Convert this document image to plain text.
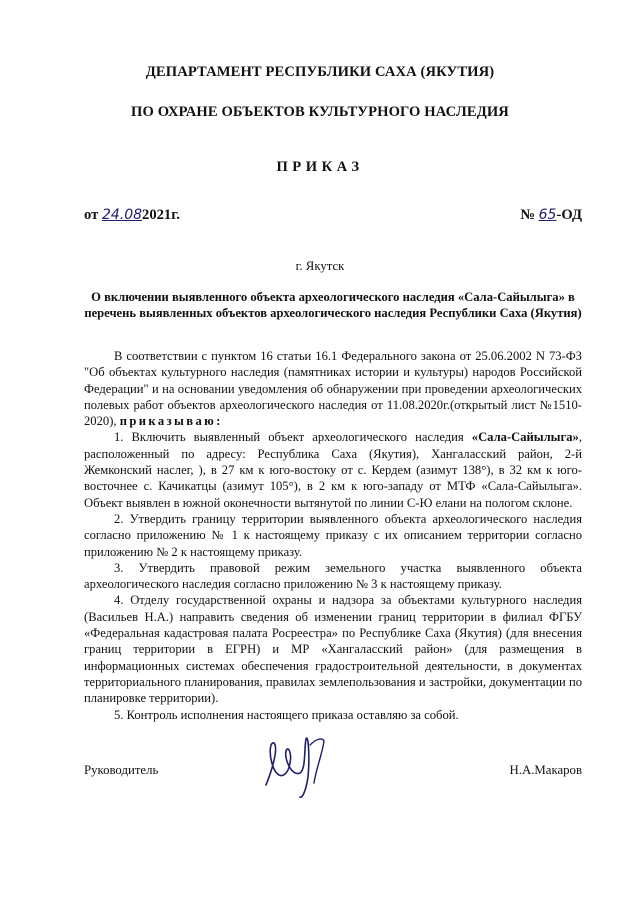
ДЕПАРТАМЕНТ РЕСПУБЛИКИ САХА (ЯКУТИЯ)
ПО ОХРАНЕ ОБЪЕКТОВ КУЛЬТУРНОГО НАСЛЕДИЯ
ПРИКАЗ
от 24.082021г.	№ 65-ОД
г. Якутск
О включении выявленного объекта археологического наследия «Сала-Сайылыга» в перечень выявленных объектов археологического наследия Республики Саха (Якутия)

В соответствии с пунктом 16 статьи 16.1 Федерального закона от 25.06.2002 N 73-ФЗ "Об объектах культурного наследия (памятниках истории и культуры) народов Российской Федерации" и на основании уведомления об обнаружении при проведении археологических полевых работ объектов археологического наследия от 11.08.2020г.(открытый лист №1510-2020), приказываю:

1. Включить выявленный объект археологического наследия «Сала-Сайылыга», расположенный по адресу: Республика Саха (Якутия), Хангаласский район, 2-й Жемконский наслег, ), в 27 км к юго-востоку от с. Кердем (азимут 138°), в 32 км к юго-восточнее с. Качикатцы (азимут 105°), в 2 км к юго-западу от МТФ «Сала-Сайылыга». Объект выявлен в южной оконечности вытянутой по линии С-Ю елани на пологом склоне.

2. Утвердить границу территории выявленного объекта археологического наследия согласно приложению № 1 к настоящему приказу с их описанием территории согласно приложению № 2 к настоящему приказу.

3. Утвердить правовой режим земельного участка выявленного объекта археологического наследия согласно приложению № 3 к настоящему приказу.

4. Отделу государственной охраны и надзора за объектами культурного наследия (Васильев Н.А.) направить сведения об изменении границ территории в филиал ФГБУ «Федеральная кадастровая палата Росреестра» по Республике Саха (Якутия) (для внесения границ территории в ЕГРН) и МР «Хангаласский район» (для размещения в информационных системах обеспечения градостроительной деятельности, в документах территориального планирования, правилах землепользования и застройки, документации по планировке территории).

5. Контроль исполнения настоящего приказа оставляю за собой.

Руководитель	Н.А.Макаров
